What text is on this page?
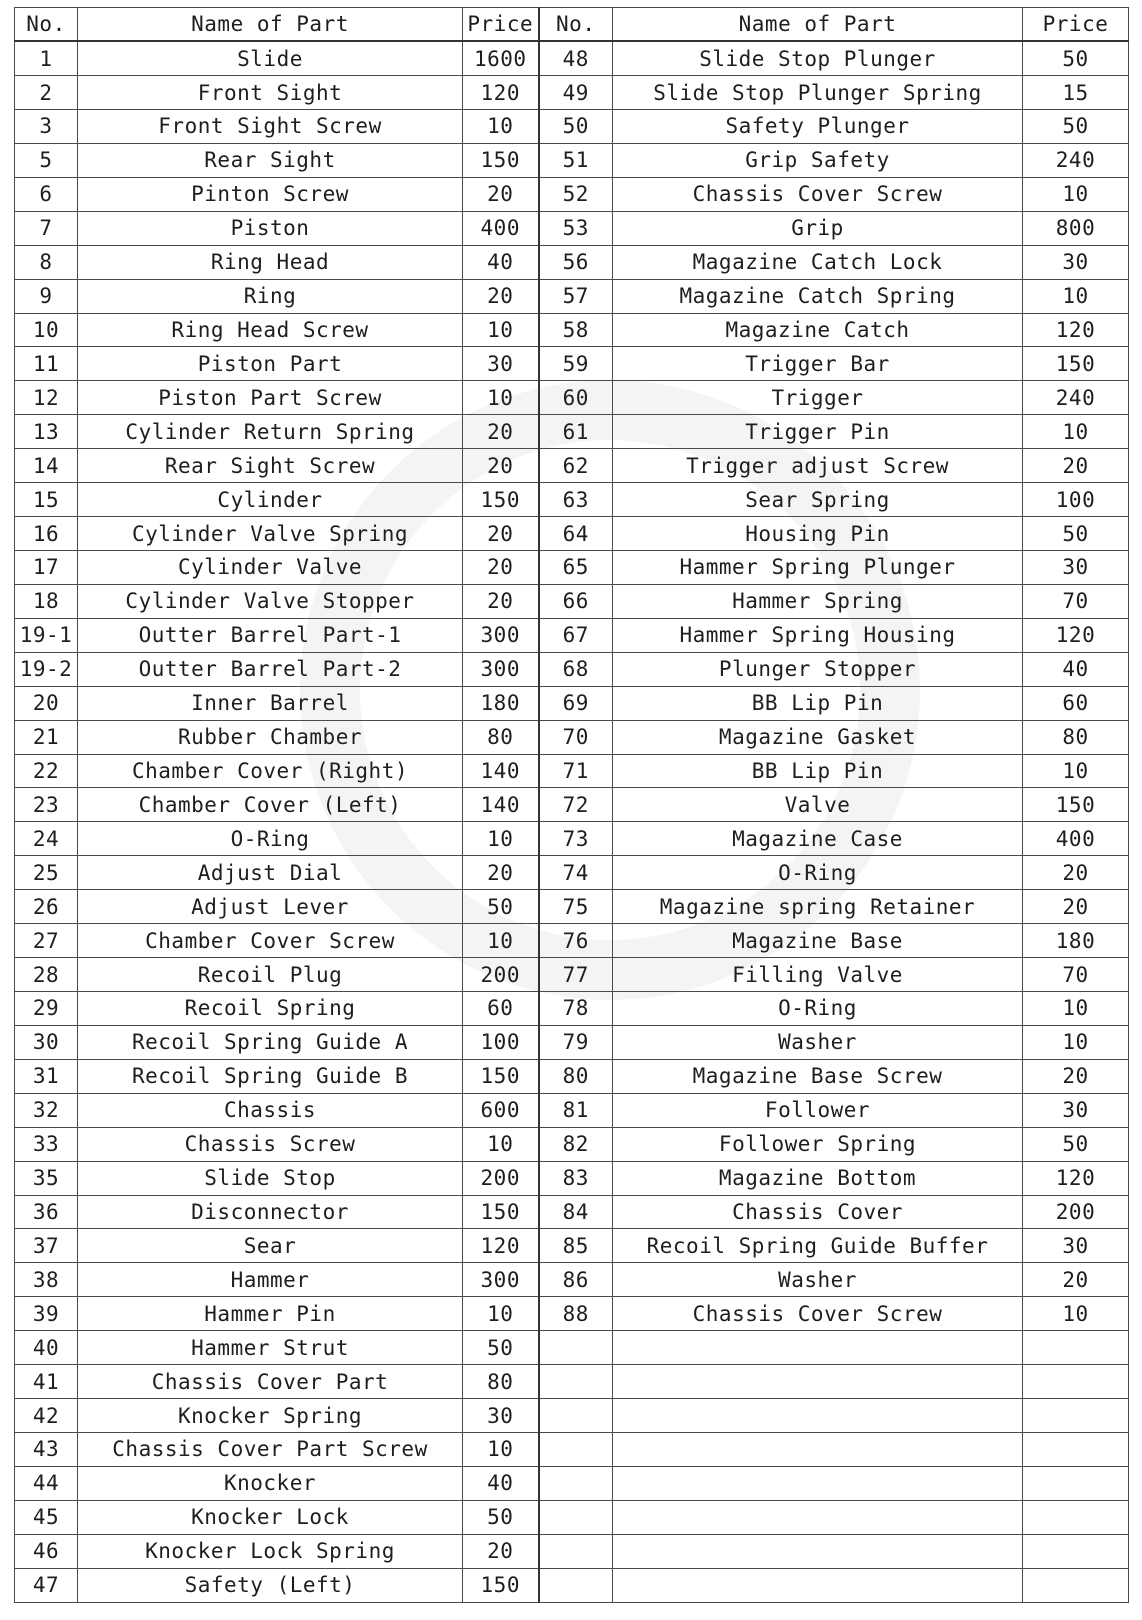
No.	Name of Part	Price	No.	Name of Part	Price
1	Slide	1600	48	Slide Stop Plunger	50
2	Front Sight	120	49	Slide Stop Plunger Spring	15
3	Front Sight Screw	10	50	Safety Plunger	50
5	Rear Sight	150	51	Grip Safety	240
6	Pinton Screw	20	52	Chassis Cover Screw	10
7	Piston	400	53	Grip	800
8	Ring Head	40	56	Magazine Catch Lock	30
9	Ring	20	57	Magazine Catch Spring	10
10	Ring Head Screw	10	58	Magazine Catch	120
11	Piston Part	30	59	Trigger Bar	150
12	Piston Part Screw	10	60	Trigger	240
13	Cylinder Return Spring	20	61	Trigger Pin	10
14	Rear Sight Screw	20	62	Trigger adjust Screw	20
15	Cylinder	150	63	Sear Spring	100
16	Cylinder Valve Spring	20	64	Housing Pin	50
17	Cylinder Valve	20	65	Hammer Spring Plunger	30
18	Cylinder Valve Stopper	20	66	Hammer Spring	70
19-1	Outter Barrel Part-1	300	67	Hammer Spring Housing	120
19-2	Outter Barrel Part-2	300	68	Plunger Stopper	40
20	Inner Barrel	180	69	BB Lip Pin	60
21	Rubber Chamber	80	70	Magazine Gasket	80
22	Chamber Cover (Right)	140	71	BB Lip Pin	10
23	Chamber Cover (Left)	140	72	Valve	150
24	O-Ring	10	73	Magazine Case	400
25	Adjust Dial	20	74	O-Ring	20
26	Adjust Lever	50	75	Magazine spring Retainer	20
27	Chamber Cover Screw	10	76	Magazine Base	180
28	Recoil Plug	200	77	Filling Valve	70
29	Recoil Spring	60	78	O-Ring	10
30	Recoil Spring Guide A	100	79	Washer	10
31	Recoil Spring Guide B	150	80	Magazine Base Screw	20
32	Chassis	600	81	Follower	30
33	Chassis Screw	10	82	Follower Spring	50
35	Slide Stop	200	83	Magazine Bottom	120
36	Disconnector	150	84	Chassis Cover	200
37	Sear	120	85	Recoil Spring Guide Buffer	30
38	Hammer	300	86	Washer	20
39	Hammer Pin	10	88	Chassis Cover Screw	10
40	Hammer Strut	50			
41	Chassis Cover Part	80			
42	Knocker Spring	30			
43	Chassis Cover Part Screw	10			
44	Knocker	40			
45	Knocker Lock	50			
46	Knocker Lock Spring	20			
47	Safety (Left)	150			
